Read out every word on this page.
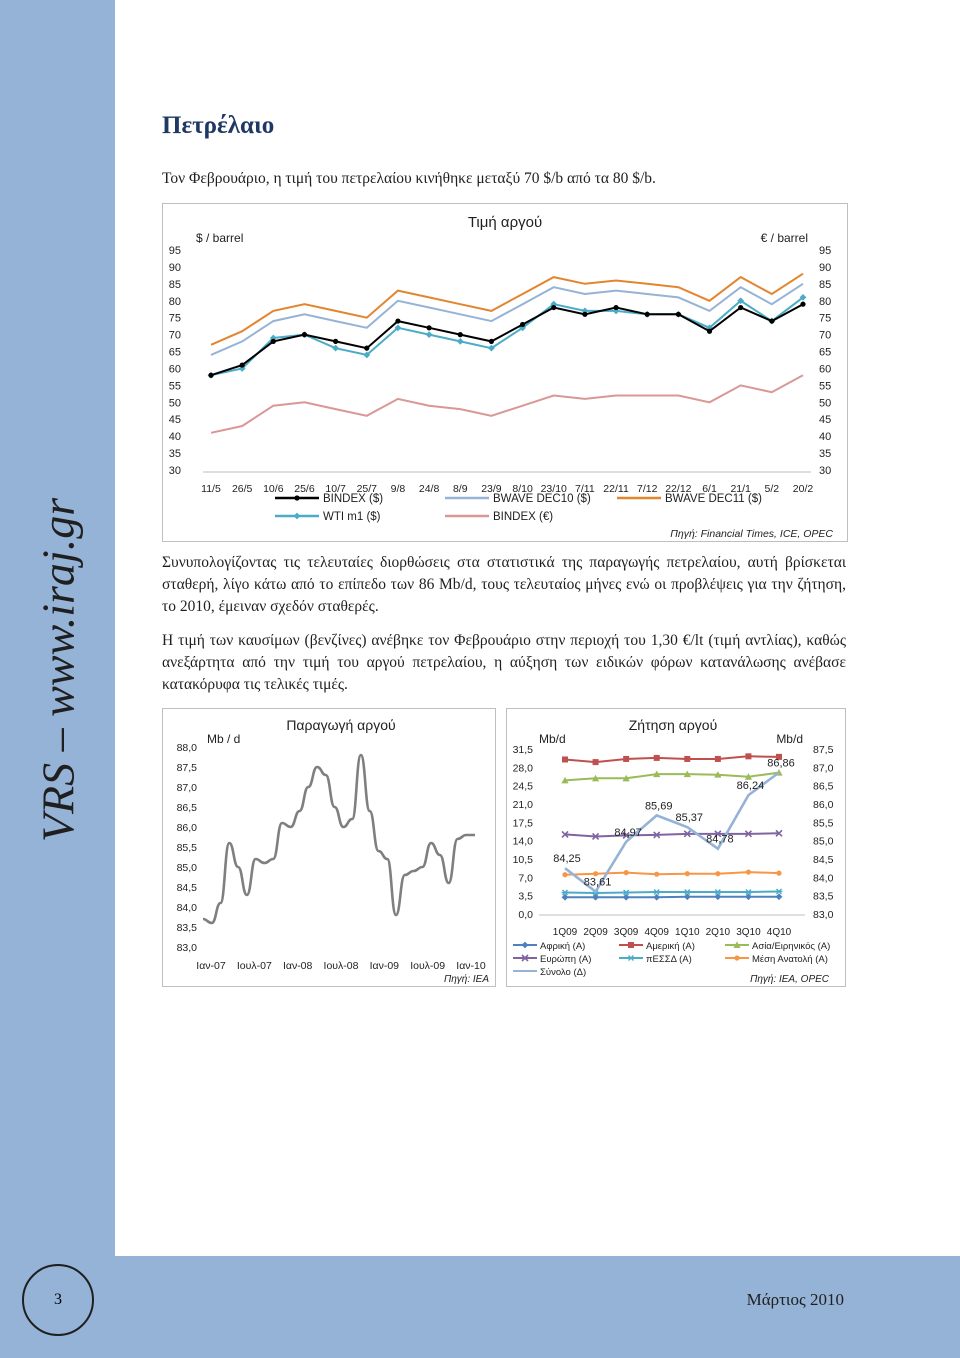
VRS – www.iraj.gr
Πετρέλαιο

Τον Φεβρουάριο, η τιμή του πετρελαίου κινήθηκε μεταξύ 70 $/b από τα 80 $/b.

Τιμή αργού
$ / barrel	€ / barrel
95	95
90	90
85	85
80	80
75	75
70	70
65	65
60	60
55	55
50	50
45	45
40	40
35	35
30	30
11/5 26/5 10/6 25/6 10/7 25/7 9/8 24/8 8/9 23/9 8/10 23/10 7/11 22/11 7/12 22/12 6/1 21/1 5/2 20/2
BINDEX ($)	BWAVE DEC10 ($)	BWAVE DEC11 ($)
WTI m1 ($)	BINDEX (€)
Πηγή: Financial Times, ICE, OPEC

Συνυπολογίζοντας τις τελευταίες διορθώσεις στα στατιστικά της παραγωγής πετρελαίου, αυτή βρίσκεται σταθερή, λίγο κάτω από το επίπεδο των 86 Mb/d, τους τελευταίος μήνες ενώ οι προβλέψεις για την ζήτηση, το 2010, έμειναν σχεδόν σταθερές.

Η τιμή των καυσίμων (βενζίνες) ανέβηκε τον Φεβρουάριο στην περιοχή του 1,30 €/lt (τιμή αντλίας), καθώς ανεξάρτητα από την τιμή του αργού πετρελαίου, η αύξηση των ειδικών φόρων κατανάλωσης ανέβασε κατακόρυφα τις τελικές τιμές.

Παραγωγή αργού
Mb / d
88,0
87,5
87,0
86,5
86,0
85,5
85,0
84,5
84,0
83,5
83,0
Ιαν-07 Ιουλ-07 Ιαν-08 Ιουλ-08 Ιαν-09 Ιουλ-09 Ιαν-10
Πηγή: IEA
Ζήτηση αργού
Mb/d	Mb/d
31,5
28,0
24,5
21,0
17,5
14,0
10,5
7,0
3,5
0,0
87,5
87,0
86,5
86,0
85,5
85,0
84,5
84,0
83,5
83,0
1Q09 2Q09 3Q09 4Q09 1Q10 2Q10 3Q10 4Q10
84,25
83,61
84,97
85,69
85,37
84,78
86,24
86,86
Αφρική (Α)	Αμερική (Α)	Ασία/Ειρηνικός (Α)
Ευρώπη (Α)	πΕΣΣΔ (Α)	Μέση Ανατολή (Α)
Σύνολο (Δ)
Πηγή: IEA, OPEC
3	Μάρτιος 2010
